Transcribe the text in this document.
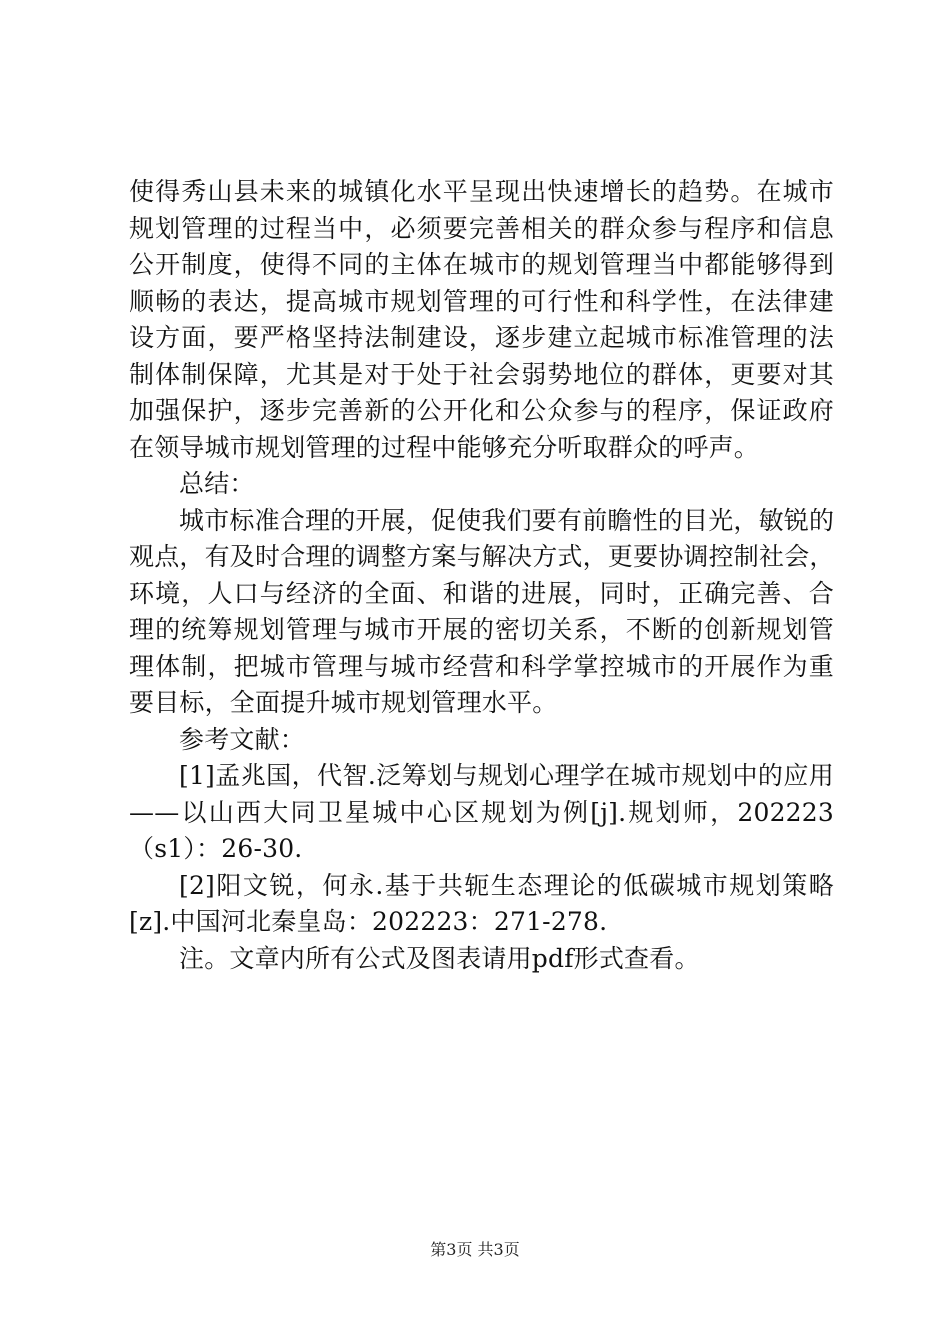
使得秀山县未来的城镇化水平呈现出快速增长的趋势。在城市
规划管理的过程当中，必须要完善相关的群众参与程序和信息
公开制度，使得不同的主体在城市的规划管理当中都能够得到
顺畅的表达，提高城市规划管理的可行性和科学性，在法律建
设方面，要严格坚持法制建设，逐步建立起城市标准管理的法
制体制保障，尤其是对于处于社会弱势地位的群体，更要对其
加强保护，逐步完善新的公开化和公众参与的程序，保证政府
在领导城市规划管理的过程中能够充分听取群众的呼声。
总结：
城市标准合理的开展，促使我们要有前瞻性的目光，敏锐的
观点，有及时合理的调整方案与解决方式，更要协调控制社会，
环境，人口与经济的全面、和谐的进展，同时，正确完善、合
理的统筹规划管理与城市开展的密切关系，不断的创新规划管
理体制，把城市管理与城市经营和科学掌控城市的开展作为重
要目标，全面提升城市规划管理水平。
参考文献：
[1]孟兆国，代智.泛筹划与规划心理学在城市规划中的应用
——以山西大同卫星城中心区规划为例[j].规划师，202223
（s1）：26-30.
[2]阳文锐，何永.基于共轭生态理论的低碳城市规划策略
[z].中国河北秦皇岛：202223：271-278.
注。文章内所有公式及图表请用pdf形式查看。
第3页 共3页
